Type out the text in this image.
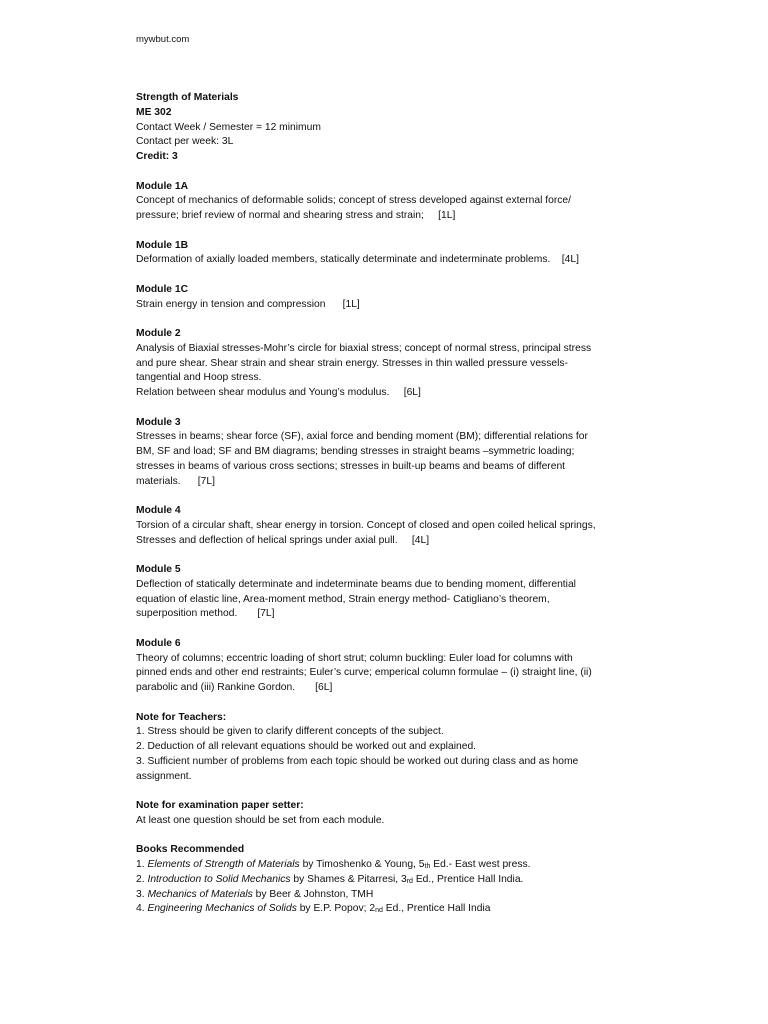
mywbut.com

Strength of Materials

ME 302

Contact Week / Semester = 12 minimum

Contact per week: 3L

Credit: 3

Module 1A

Concept of mechanics of deformable solids; concept of stress developed against external force/

pressure; brief review of normal and shearing stress and strain;     [1L]

Module 1B

Deformation of axially loaded members, statically determinate and indeterminate problems.    [4L]

Module 1C

Strain energy in tension and compression      [1L]

Module 2

Analysis of Biaxial stresses-Mohr’s circle for biaxial stress; concept of normal stress, principal stress

and pure shear. Shear strain and shear strain energy. Stresses in thin walled pressure vessels-

tangential and Hoop stress.

Relation between shear modulus and Young’s modulus.     [6L]

Module 3

Stresses in beams; shear force (SF), axial force and bending moment (BM); differential relations for

BM, SF and load; SF and BM diagrams; bending stresses in straight beams –symmetric loading;

stresses in beams of various cross sections; stresses in built-up beams and beams of different

materials.      [7L]

Module 4

Torsion of a circular shaft, shear energy in torsion. Concept of closed and open coiled helical springs,

Stresses and deflection of helical springs under axial pull.     [4L]

Module 5

Deflection of statically determinate and indeterminate beams due to bending moment, differential

equation of elastic line, Area-moment method, Strain energy method- Catigliano’s theorem,

superposition method.       [7L]

Module 6

Theory of columns; eccentric loading of short strut; column buckling: Euler load for columns with

pinned ends and other end restraints; Euler’s curve; emperical column formulae – (i) straight line, (ii)

parabolic and (iii) Rankine Gordon.       [6L]

Note for Teachers:

1. Stress should be given to clarify different concepts of the subject.

2. Deduction of all relevant equations should be worked out and explained.

3. Sufficient number of problems from each topic should be worked out during class and as home

assignment.

Note for examination paper setter:

At least one question should be set from each module.

Books Recommended

1. Elements of Strength of Materials by Timoshenko & Young, $5_{th}$ Ed.- East west press.

2. Introduction to Solid Mechanics by Shames & Pitarresi, $3_{rd}$ Ed., Prentice Hall India.

3. Mechanics of Materials by Beer & Johnston, TMH

4. Engineering Mechanics of Solids by E.P. Popov; $2_{nd}$ Ed., Prentice Hall India
